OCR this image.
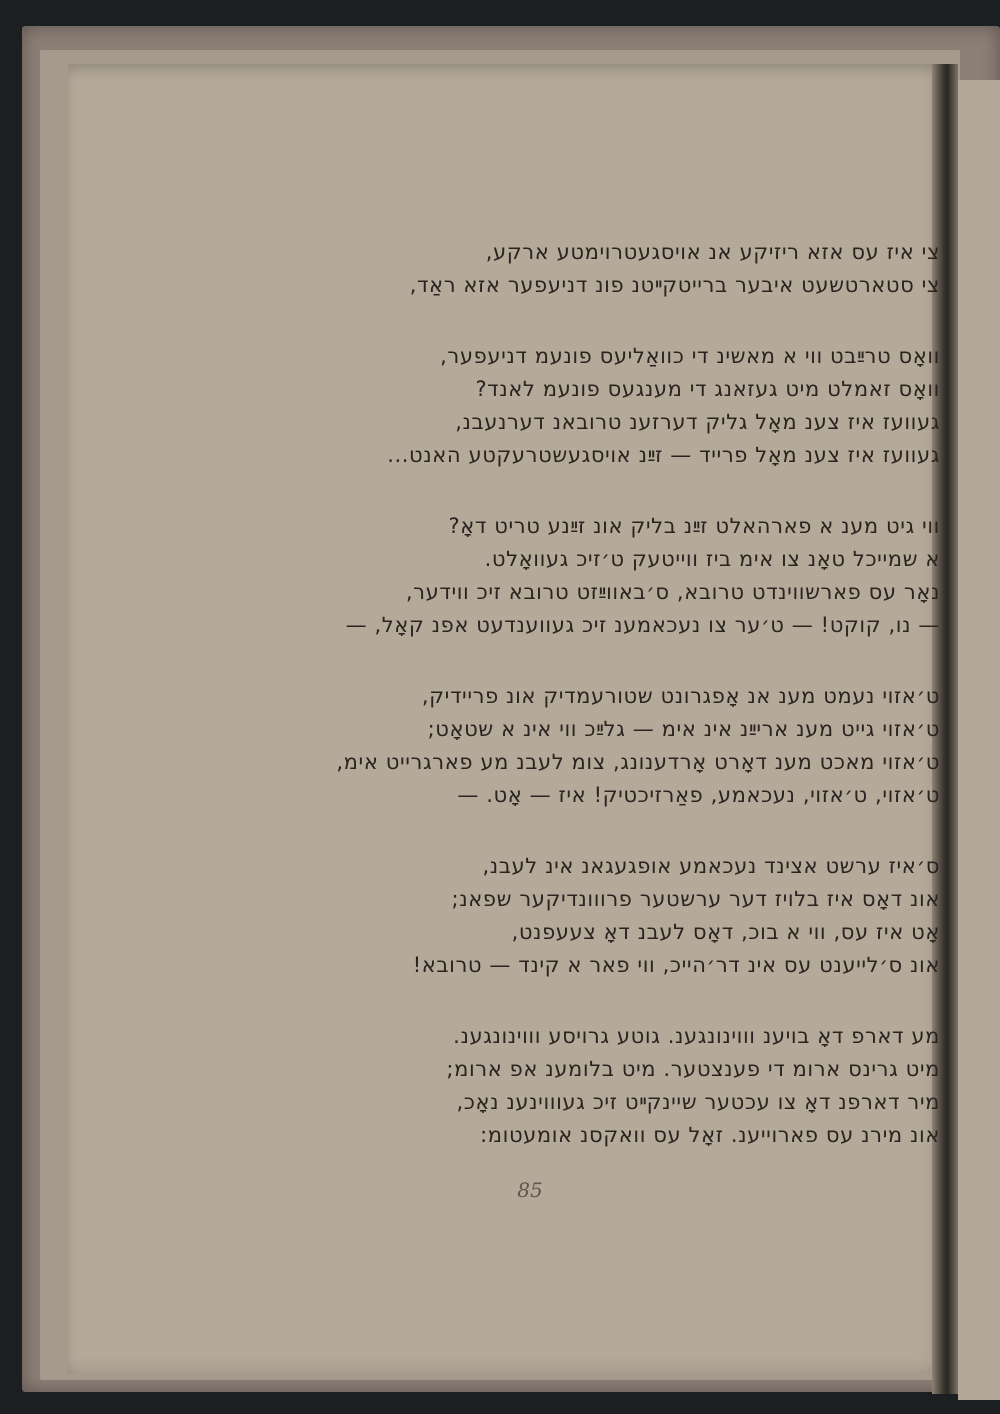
צי איז עס אזא ריזיקע אנ אויסגעטרוימטע ארקע,
צי סטארטשעט איבער ברייטקײטנ פונ דניעפער אזא ראַד,
וואָס טרײַבט ווי א מאשינ די כוואַליעס פונעמ דניעפער,
וואָס זאמלט מיט געזאנג די מענגעס פונעמ לאנד?
געוועז איז צענ מאָל גליק דערזענ טרובאנ דערנעבנ,
געוועז איז צענ מאָל פרייד — זײַנ אויסגעשטרעקטע האנט...
ווי גיט מענ א פארהאלט זײַנ בליק אונ זײַנע טריט דאָ?
א שמייכל טאָנ צו אימ ביז ווייטעק ט׳זיכ געוואָלט.
נאָר עס פארשווינדט טרובא, ס׳באווײַזט טרובא זיכ ווידער,
— נו, קוקט! — ט׳ער צו נעכאמענ זיכ געווענדעט אפנ קאָל, —
ט׳אזוי נעמט מענ אנ אָפגרונט שטורעמדיק אונ פריידיק,
ט׳אזוי גייט מענ אריײַנ אינ אימ — גלײַכ ווי אינ א שטאָט;
ט׳אזוי מאכט מענ דאָרט אָרדענונג, צומ לעבנ מע פארגרייט אימ,
ט׳אזוי, ט׳אזוי, נעכאמע, פאַרזיכטיק! איז — אָט. —
ס׳איז ערשט אצינד נעכאמע אופגעגאנ אינ לעבנ,
אונ דאָס איז בלויז דער ערשטער פרווונדיקער שפאנ;
אָט איז עס, ווי א בוכ, דאָס לעבנ דאָ צעעפנט,
אונ ס׳לייענט עס אינ דר׳הייכ, ווי פאר א קינד — טרובא!
מע דארפ דאָ בויענ וווינונגענ. גוטע גרויסע וווינונגענ.
מיט גרינס ארומ די פענצטער. מיט בלומענ אפ ארומ;
מיר דארפנ דאָ צו עכטער שיינקײט זיכ געוווינענ נאָכ,
אונ מירנ עס פארוייענ. זאָל עס וואקסנ אומעטומ:
85
